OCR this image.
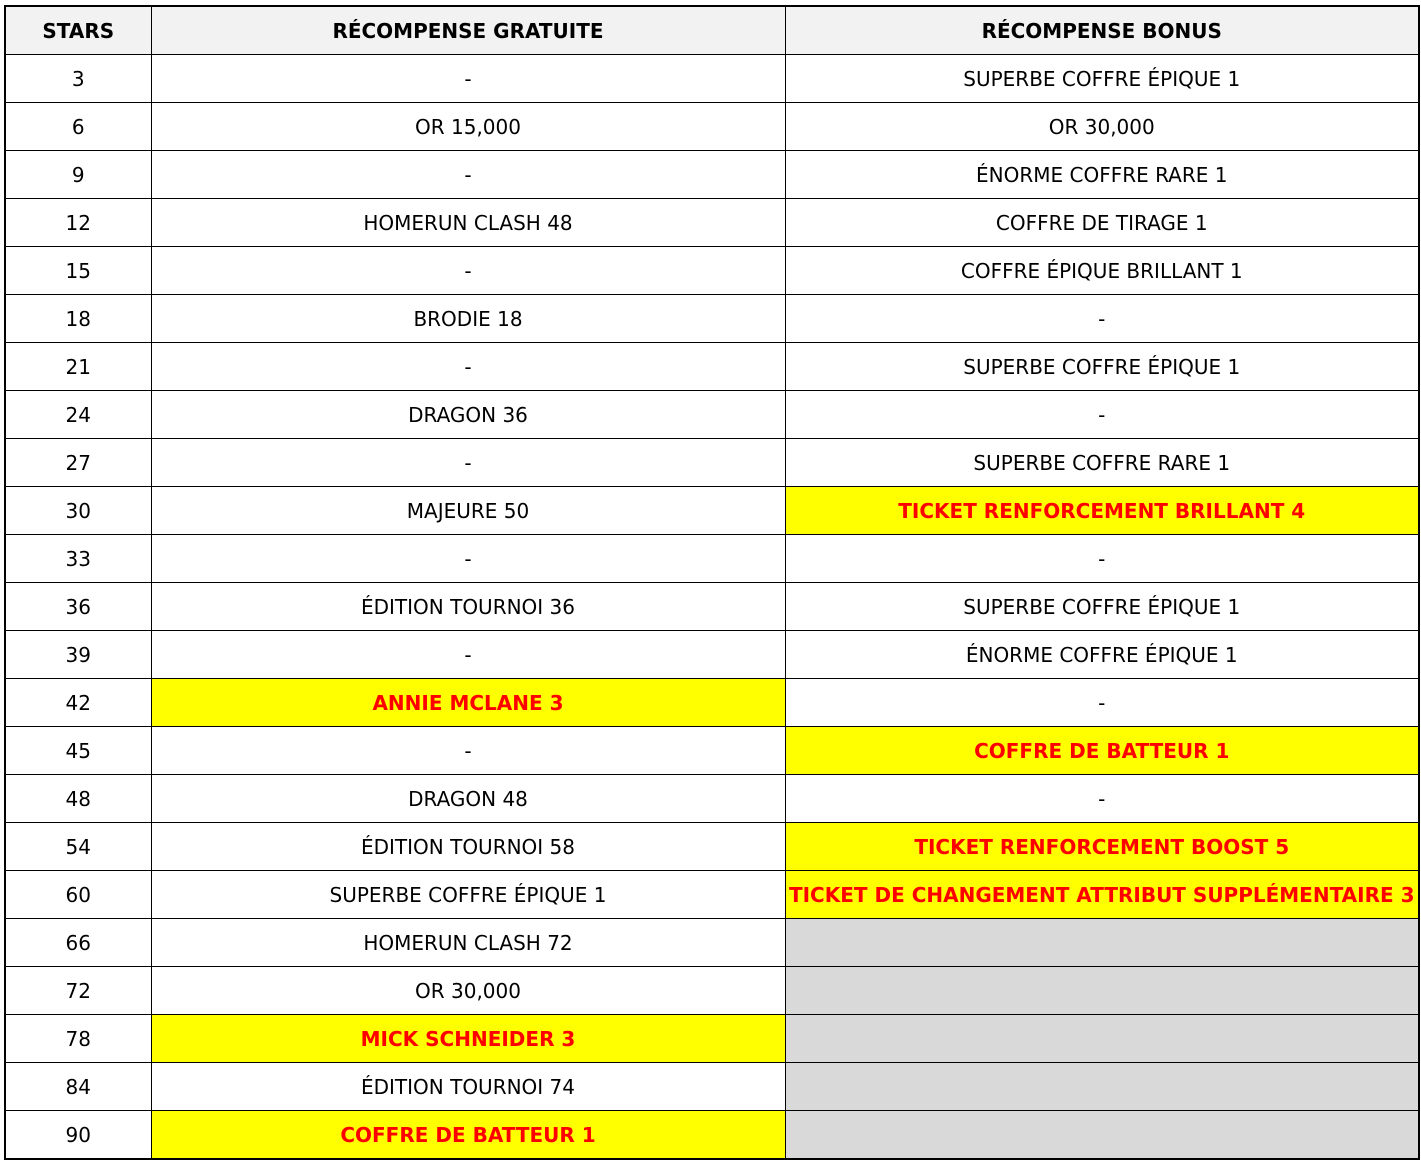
STARS	RÉCOMPENSE GRATUITE	RÉCOMPENSE BONUS
3	-	SUPERBE COFFRE ÉPIQUE 1
6	OR 15,000	OR 30,000
9	-	ÉNORME COFFRE RARE 1
12	HOMERUN CLASH 48	COFFRE DE TIRAGE 1
15	-	COFFRE ÉPIQUE BRILLANT 1
18	BRODIE 18	-
21	-	SUPERBE COFFRE ÉPIQUE 1
24	DRAGON 36	-
27	-	SUPERBE COFFRE RARE 1
30	MAJEURE 50	TICKET RENFORCEMENT BRILLANT 4
33	-	-
36	ÉDITION TOURNOI 36	SUPERBE COFFRE ÉPIQUE 1
39	-	ÉNORME COFFRE ÉPIQUE 1
42	ANNIE MCLANE 3	-
45	-	COFFRE DE BATTEUR 1
48	DRAGON 48	-
54	ÉDITION TOURNOI 58	TICKET RENFORCEMENT BOOST 5
60	SUPERBE COFFRE ÉPIQUE 1	TICKET DE CHANGEMENT ATTRIBUT SUPPLÉMENTAIRE 3
66	HOMERUN CLASH 72	
72	OR 30,000	
78	MICK SCHNEIDER 3	
84	ÉDITION TOURNOI 74	
90	COFFRE DE BATTEUR 1	
